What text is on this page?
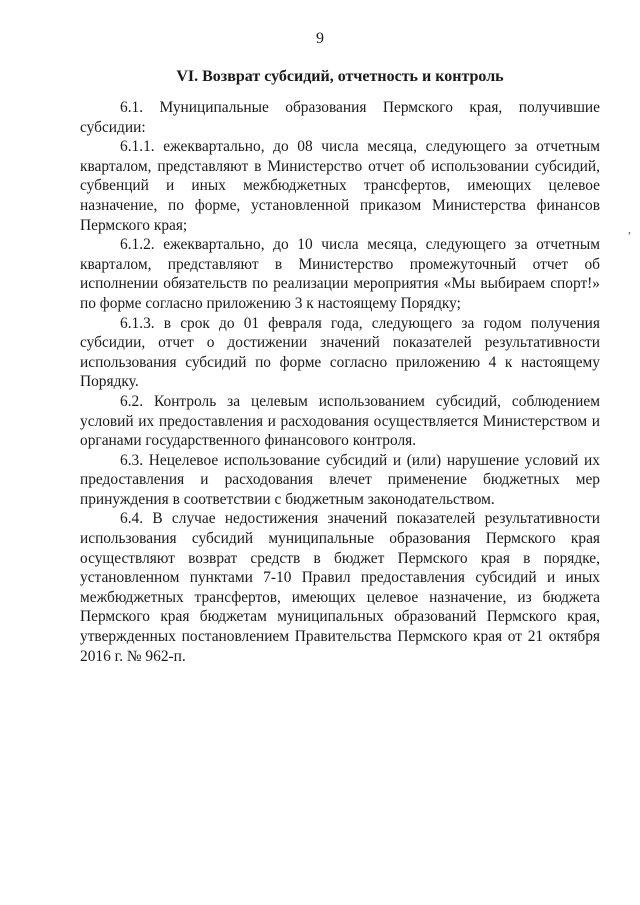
9
VI. Возврат субсидий, отчетность и контроль

6.1. Муниципальные образования Пермского края, получившие субсидии:

6.1.1. ежеквартально, до 08 числа месяца, следующего за отчетным кварталом, представляют в Министерство отчет об использовании субсидий, субвенций и иных межбюджетных трансфертов, имеющих целевое назначение, по форме, установленной приказом Министерства финансов Пермского края;

6.1.2. ежеквартально, до 10 числа месяца, следующего за отчетным кварталом, представляют в Министерство промежуточный отчет об исполнении обязательств по реализации мероприятия «Мы выбираем спорт!» по форме согласно приложению 3 к настоящему Порядку;

6.1.3. в срок до 01 февраля года, следующего за годом получения субсидии, отчет о достижении значений показателей результативности использования субсидий по форме согласно приложению 4 к настоящему Порядку.

6.2. Контроль за целевым использованием субсидий, соблюдением условий их предоставления и расходования осуществляется Министерством и органами государственного финансового контроля.

6.3. Нецелевое использование субсидий и (или) нарушение условий их предоставления и расходования влечет применение бюджетных мер принуждения в соответствии с бюджетным законодательством.

6.4. В случае недостижения значений показателей результативности использования субсидий муниципальные образования Пермского края осуществляют возврат средств в бюджет Пермского края в порядке, установленном пунктами 7-10 Правил предоставления субсидий и иных межбюджетных трансфертов, имеющих целевое назначение, из бюджета Пермского края бюджетам муниципальных образований Пермского края, утвержденных постановлением Правительства Пермского края от 21 октября 2016 г. № 962-п.

,
